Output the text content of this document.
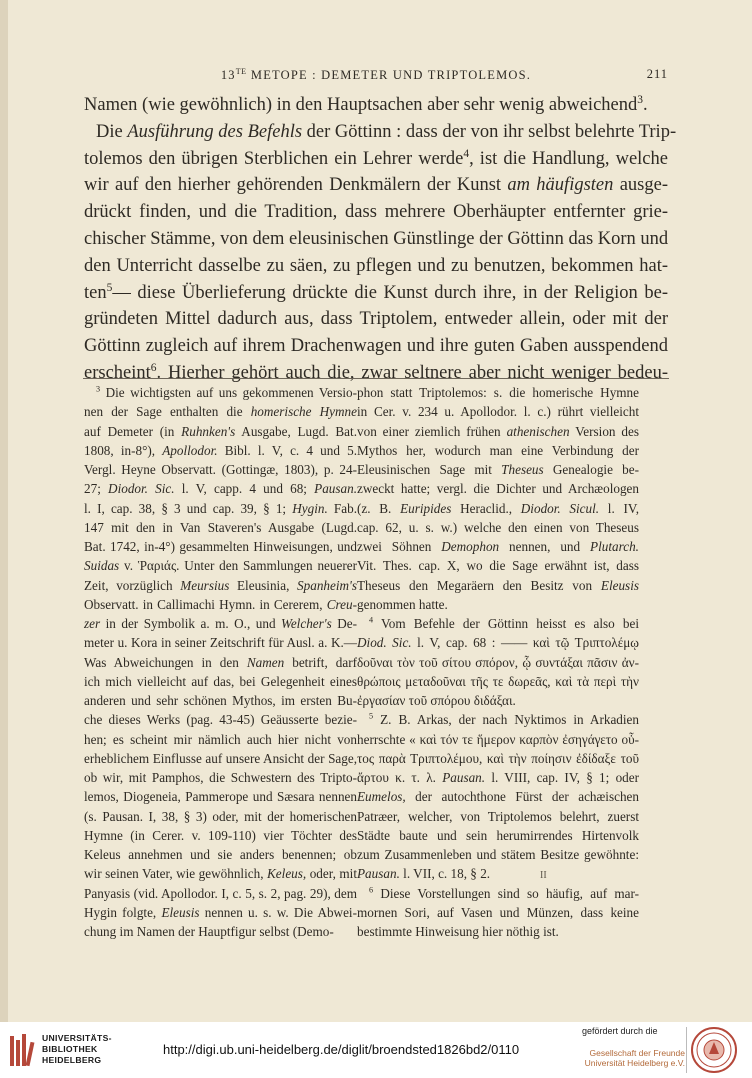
$13^{TE}$ METOPE : DEMETER UND TRIPTOLEMOS.	211
Namen (wie gewöhnlich) in den Hauptsachen aber sehr wenig abweichend$^3$.
Die Ausführung des Befehls der Göttinn : dass der von ihr selbst belehrte Trip-
tolemos den übrigen Sterblichen ein Lehrer werde$^4$, ist die Handlung, welche
wir auf den hierher gehörenden Denkmälern der Kunst am häufigsten ausge-
drückt finden, und die Tradition, dass mehrere Oberhäupter entfernter grie-
chischer Stämme, von dem eleusinischen Günstlinge der Göttinn das Korn und
den Unterricht dasselbe zu säen, zu pflegen und zu benutzen, bekommen hat-
ten$^5$— diese Überlieferung drückte die Kunst durch ihre, in der Religion be-
gründeten Mittel dadurch aus, dass Triptolem, entweder allein, oder mit der
Göttinn zugleich auf ihrem Drachenwagen und ihre guten Gaben ausspendend
erscheint$^6$. Hierher gehört auch die, zwar seltnere aber nicht weniger bedeu-
$^3$ Die wichtigsten auf uns gekommenen Versio-
nen der Sage enthalten die homerische Hymne
auf Demeter (in Ruhnken's Ausgabe, Lugd. Bat.
1808, in-8°), Apollodor. Bibl. l. V, c. 4 und 5.
Vergl. Heyne Observatt. (Gottingæ, 1803), p. 24-
27; Diodor. Sic. l. V, capp. 4 und 68; Pausan.
l. I, cap. 38, § 3 und cap. 39, § 1; Hygin. Fab.
147 mit den in Van Staveren's Ausgabe (Lugd.
Bat. 1742, in-4°) gesammelten Hinweisungen, und
Suidas v. Ῥαριάς. Unter den Sammlungen neuerer
Zeit, vorzüglich Meursius Eleusinia, Spanheim's
Observatt. in Callimachi Hymn. in Cererem, Creu-
zer in der Symbolik a. m. O., und Welcher's De-
meter u. Kora in seiner Zeitschrift für Ausl. a. K.—
Was Abweichungen in den Namen betrift, darf
ich mich vielleicht auf das, bei Gelegenheit eines
anderen und sehr schönen Mythos, im ersten Bu-
che dieses Werks (pag. 43-45) Geäusserte bezie-
hen; es scheint mir nämlich auch hier nicht von
erheblichem Einflusse auf unsere Ansicht der Sage,
ob wir, mit Pamphos, die Schwestern des Tripto-
lemos, Diogeneia, Pammerope und Sæsara nennen
(s. Pausan. I, 38, § 3) oder, mit der homerischen
Hymne (in Cerer. v. 109-110) vier Töchter des
Keleus annehmen und sie anders benennen; ob
wir seinen Vater, wie gewöhnlich, Keleus, oder, mit
Panyasis (vid. Apollodor. I, c. 5, s. 2, pag. 29), dem
Hygin folgte, Eleusis nennen u. s. w. Die Abwei-
chung im Namen der Hauptfigur selbst (Demo-
phon statt Triptolemos: s. die homerische Hymne
in Cer. v. 234 u. Apollodor. l. c.) rührt vielleicht
von einer ziemlich frühen athenischen Version des
Mythos her, wodurch man eine Verbindung der
Eleusinischen Sage mit Theseus Genealogie be-
zweckt hatte; vergl. die Dichter und Archæologen
(z. B. Euripides Heraclid., Diodor. Sicul. l. IV,
cap. 62, u. s. w.) welche den einen von Theseus
zwei Söhnen Demophon nennen, und Plutarch.
Vit. Thes. cap. X, wo die Sage erwähnt ist, dass
Theseus den Megaräern den Besitz von Eleusis
genommen hatte.
$^4$ Vom Befehle der Göttinn heisst es also bei
Diod. Sic. l. V, cap. 68 : —— καὶ τῷ Τριπτολέμῳ
δοῦναι τὸν τοῦ σίτου σπόρον, ᾧ συντάξαι πᾶσιν ἀν-
θρώποις μεταδοῦναι τῆς τε δωρεᾶς, καὶ τὰ περὶ τὴν
ἐργασίαν τοῦ σπόρου διδάξαι.
$^5$ Z. B. Arkas, der nach Nyktimos in Arkadien
herrschte « καὶ τόν τε ἥμερον καρπὸν ἐσηγάγετο οὗ-
τος παρὰ Τριπτολέμου, καὶ τὴν ποίησιν ἐδίδαξε τοῦ
ἄρτου κ. τ. λ. Pausan. l. VIII, cap. IV, § 1; oder
Eumelos, der autochthone Fürst der achæischen
Patræer, welcher, von Triptolemos belehrt, zuerst
Städte baute und sein herumirrendes Hirtenvolk
zum Zusammenleben und stätem Besitze gewöhnte:
Pausan. l. VII, c. 18, § 2.
$^6$ Diese Vorstellungen sind so häufig, auf mar-
mornen Sori, auf Vasen und Münzen, dass keine
bestimmte Hinweisung hier nöthig ist.
II
UNIVERSITÄTS-
BIBLIOTHEK
HEIDELBERG
http://digi.ub.uni-heidelberg.de/diglit/broendsted1826bd2/0110
gefördert durch die
Gesellschaft der Freunde
Universität Heidelberg e.V.
